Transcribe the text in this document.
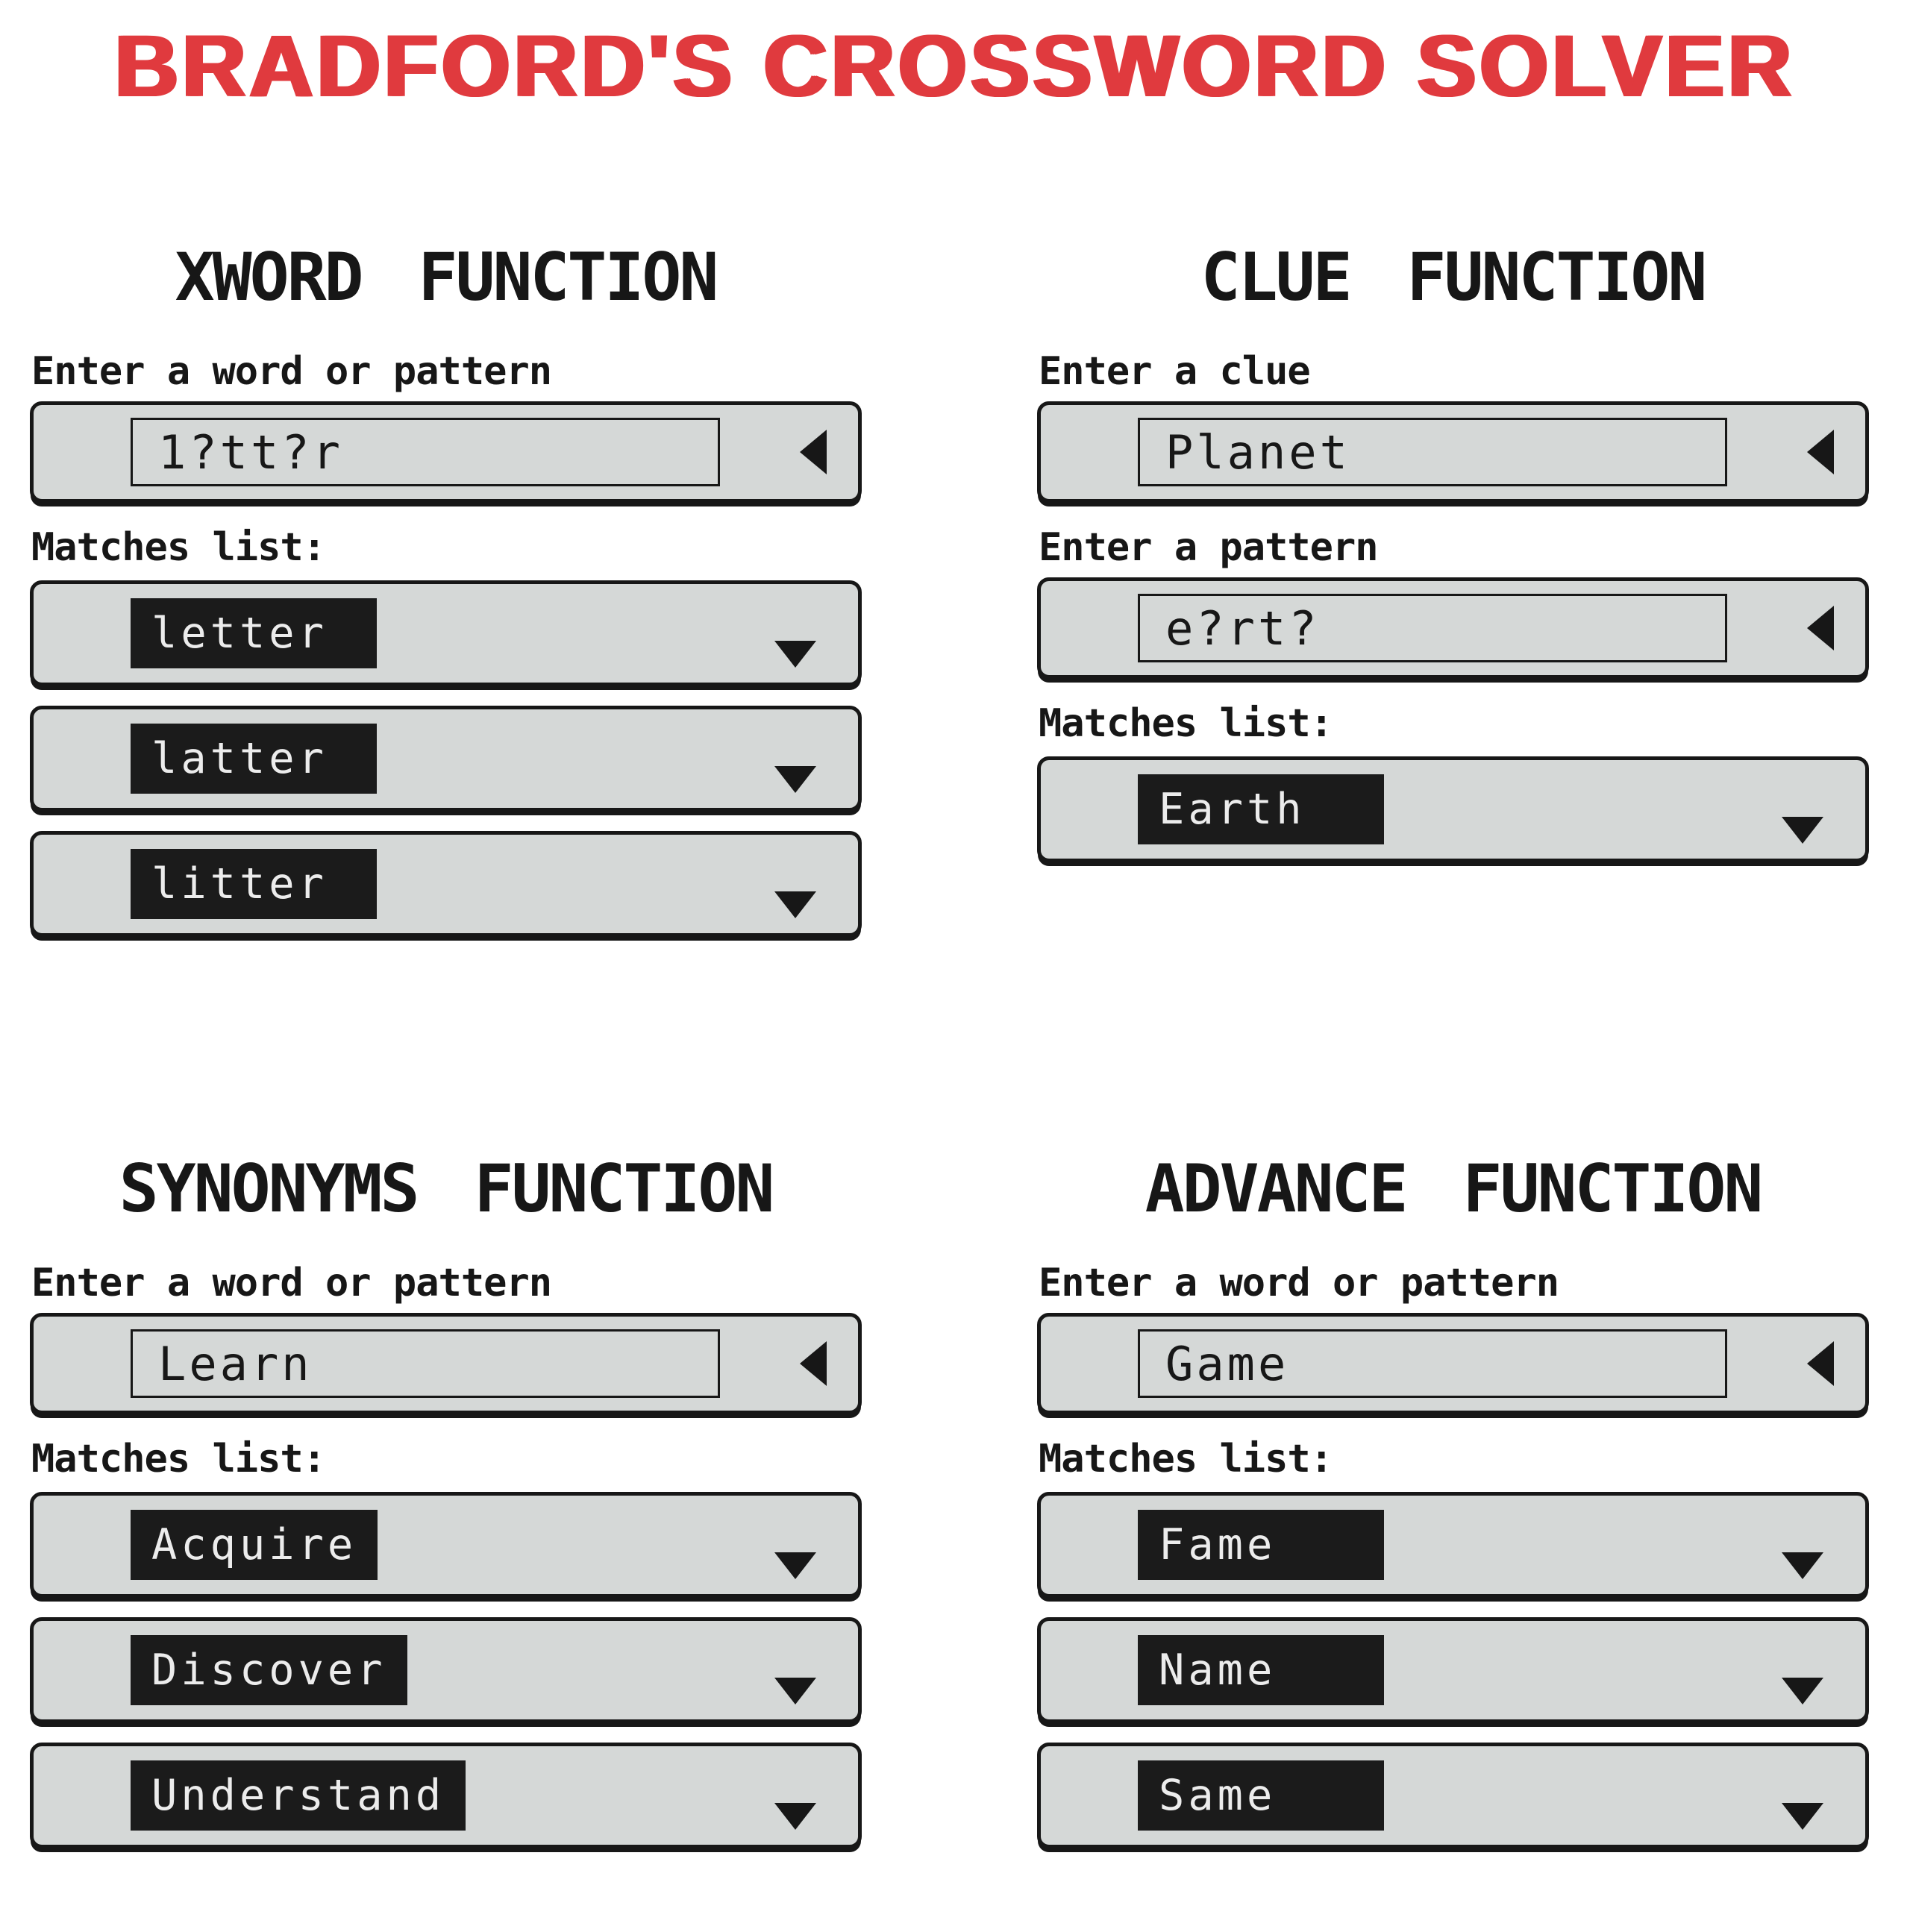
BRADFORD'S CROSSWORD SOLVER
XWORD FUNCTION

Enter a word or pattern

1?tt?r

Matches list:

letter
latter
litter
CLUE FUNCTION

Enter a clue

Planet

Enter a pattern

e?rt?

Matches list:

Earth
SYNONYMS FUNCTION

Enter a word or pattern

Learn

Matches list:

Acquire
Discover
Understand
ADVANCE FUNCTION

Enter a word or pattern

Game

Matches list:

Fame
Name
Same
